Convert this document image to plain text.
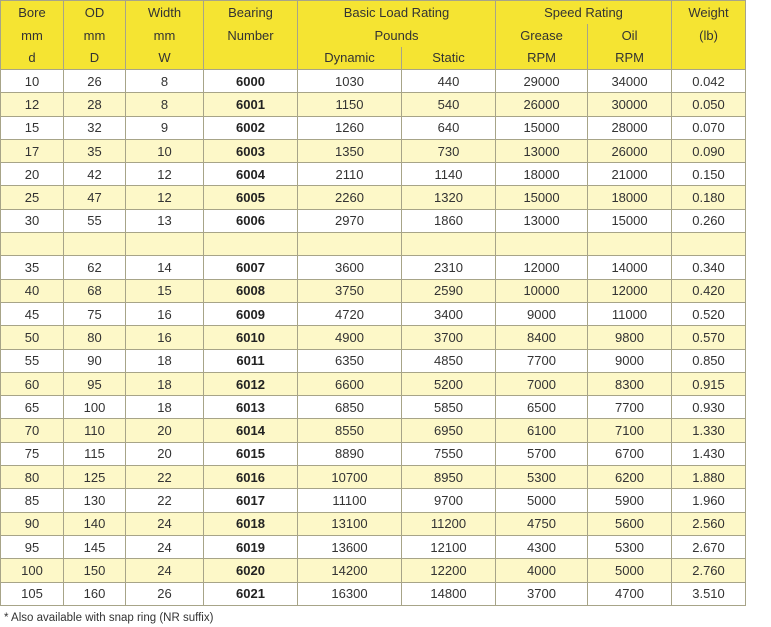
Bore	OD	Width	Bearing	Basic Load Rating		Speed Rating		Weight
mm	mm	mm	Number	Pounds		Grease	Oil	(lb)
d	D	W		Dynamic	Static	RPM	RPM	
10	26	8	6000	1030	440	29000	34000	0.042
12	28	8	6001	1150	540	26000	30000	0.050
15	32	9	6002	1260	640	15000	28000	0.070
17	35	10	6003	1350	730	13000	26000	0.090
20	42	12	6004	2110	1140	18000	21000	0.150
25	47	12	6005	2260	1320	15000	18000	0.180
30	55	13	6006	2970	1860	13000	15000	0.260

35	62	14	6007	3600	2310	12000	14000	0.340
40	68	15	6008	3750	2590	10000	12000	0.420
45	75	16	6009	4720	3400	9000	11000	0.520
50	80	16	6010	4900	3700	8400	9800	0.570
55	90	18	6011	6350	4850	7700	9000	0.850
60	95	18	6012	6600	5200	7000	8300	0.915
65	100	18	6013	6850	5850	6500	7700	0.930
70	110	20	6014	8550	6950	6100	7100	1.330
75	115	20	6015	8890	7550	5700	6700	1.430
80	125	22	6016	10700	8950	5300	6200	1.880
85	130	22	6017	11100	9700	5000	5900	1.960
90	140	24	6018	13100	11200	4750	5600	2.560
95	145	24	6019	13600	12100	4300	5300	2.670
100	150	24	6020	14200	12200	4000	5000	2.760
105	160	26	6021	16300	14800	3700	4700	3.510
* Also available with snap ring (NR suffix)
